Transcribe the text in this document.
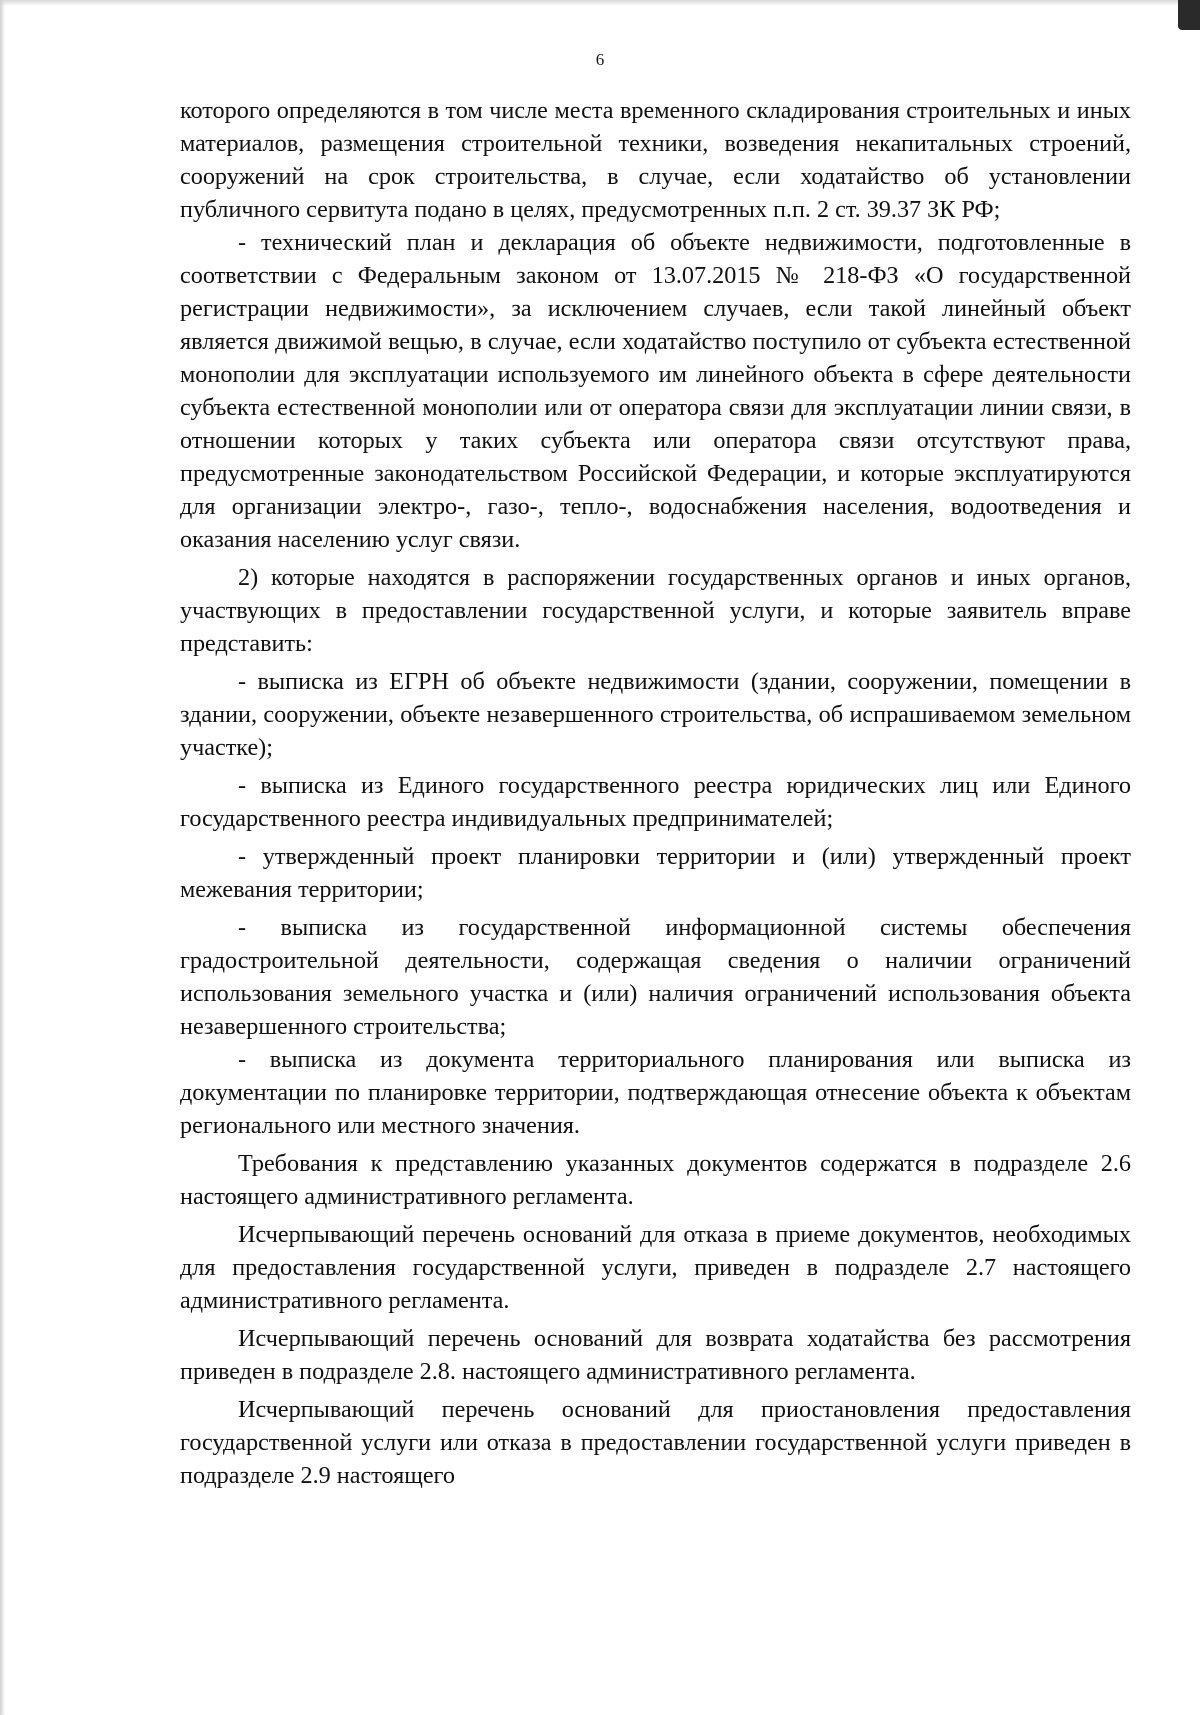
6

которого определяются в том числе места временного складирования строительных и иных материалов, размещения строительной техники, возведения некапитальных строений, сооружений на срок строительства, в случае, если ходатайство об установлении публичного сервитута подано в целях, предусмотренных п.п. 2 ст. 39.37 ЗК РФ;

- технический план и декларация об объекте недвижимости, подготовленные в соответствии с Федеральным законом от 13.07.2015 № 218-ФЗ «О государственной регистрации недвижимости», за исключением случаев, если такой линейный объект является движимой вещью, в случае, если ходатайство поступило от субъекта естественной монополии для эксплуатации используемого им линейного объекта в сфере деятельности субъекта естественной монополии или от оператора связи для эксплуатации линии связи, в отношении которых у таких субъекта или оператора связи отсутствуют права, предусмотренные законодательством Российской Федерации, и которые эксплуатируются для организации электро-, газо-, тепло-, водоснабжения населения, водоотведения и оказания населению услуг связи.

2) которые находятся в распоряжении государственных органов и иных органов, участвующих в предоставлении государственной услуги, и которые заявитель вправе представить:

- выписка из ЕГРН об объекте недвижимости (здании, сооружении, помещении в здании, сооружении, объекте незавершенного строительства, об испрашиваемом земельном участке);

- выписка из Единого государственного реестра юридических лиц или Единого государственного реестра индивидуальных предпринимателей;

- утвержденный проект планировки территории и (или) утвержденный проект межевания территории;

- выписка из государственной информационной системы обеспечения градостроительной деятельности, содержащая сведения о наличии ограничений использования земельного участка и (или) наличия ограничений использования объекта незавершенного строительства;

- выписка из документа территориального планирования или выписка из документации по планировке территории, подтверждающая отнесение объекта к объектам регионального или местного значения.

Требования к представлению указанных документов содержатся в подразделе 2.6 настоящего административного регламента.

Исчерпывающий перечень оснований для отказа в приеме документов, необходимых для предоставления государственной услуги, приведен в подразделе 2.7 настоящего административного регламента.

Исчерпывающий перечень оснований для возврата ходатайства без рассмотрения приведен в подразделе 2.8. настоящего административного регламента.

Исчерпывающий перечень оснований для приостановления предоставления государственной услуги или отказа в предоставлении государственной услуги приведен в подразделе 2.9 настоящего
